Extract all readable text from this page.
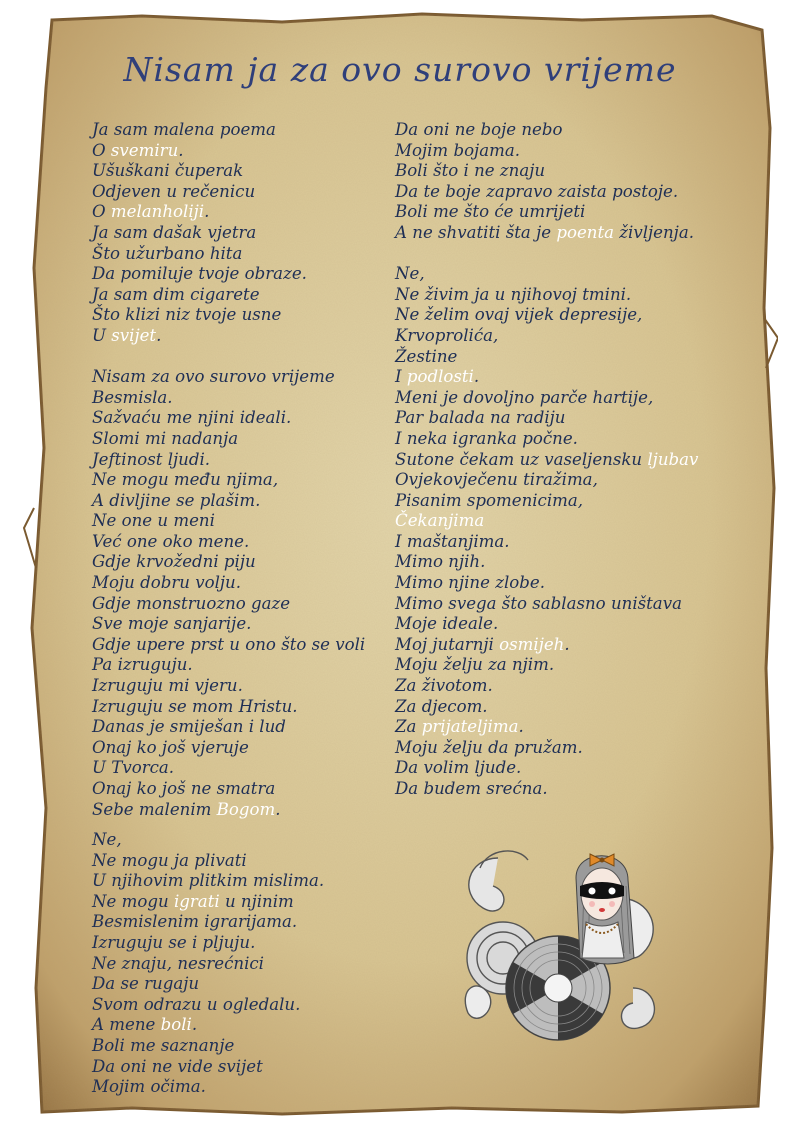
Nisam ja za ovo surovo vrijeme
Ja sam malena poema
O svemiru.
Ušuškani čuperak
Odjeven u rečenicu
O melanholiji.
Ja sam dašak vjetra
Što užurbano hita
Da pomiluje tvoje obraze.
Ja sam dim cigarete
Što klizi niz tvoje usne
U svijet.
Nisam za ovo surovo vrijeme
Besmisla.
Sažvaću me njini ideali.
Slomi mi nadanja
Jeftinost ljudi.
Ne mogu među njima,
A divljine se plašim.
Ne one u meni
Već one oko mene.
Gdje krvožedni piju
Moju dobru volju.
Gdje monstruozno gaze
Sve moje sanjarije.
Gdje upere prst u ono što se voli
Pa izruguju.
Izruguju mi vjeru.
Izruguju se mom Hristu.
Danas je smiješan i lud
Onaj ko još vjeruje
U Tvorca.
Onaj ko još ne smatra
Sebe malenim Bogom.
Da oni ne boje nebo
Mojim bojama.
Boli što i ne znaju
Da te boje zapravo zaista postoje.
Boli me što će umrijeti
A ne shvatiti šta je poenta življenja.
Ne,
Ne živim ja u njihovoj tmini.
Ne želim ovaj vijek depresije,
Krvoprolića,
Žestine
I podlosti.
Meni je dovoljno parče hartije,
Par balada na radiju
I neka igranka počne.
Sutone čekam uz vaseljensku ljubav
Ovjekovječenu tiražima,
Pisanim spomenicima,
Čekanjima
I maštanjima.
Mimo njih.
Mimo njine zlobe.
Mimo svega što sablasno uništava
Moje ideale.
Moj jutarnji osmijeh.
Moju želju za njim.
Za životom.
Za djecom.
Za prijateljima.
Moju želju da pružam.
Da volim ljude.
Da budem srećna.
Ne,
Ne mogu ja plivati
U njihovim plitkim mislima.
Ne mogu igrati u njinim
Besmislenim igrarijama.
Izruguju se i pljuju.
Ne znaju, nesrećnici
Da se rugaju
Svom odrazu u ogledalu.
A mene boli.
Boli me saznanje
Da oni ne vide svijet
Mojim očima.
